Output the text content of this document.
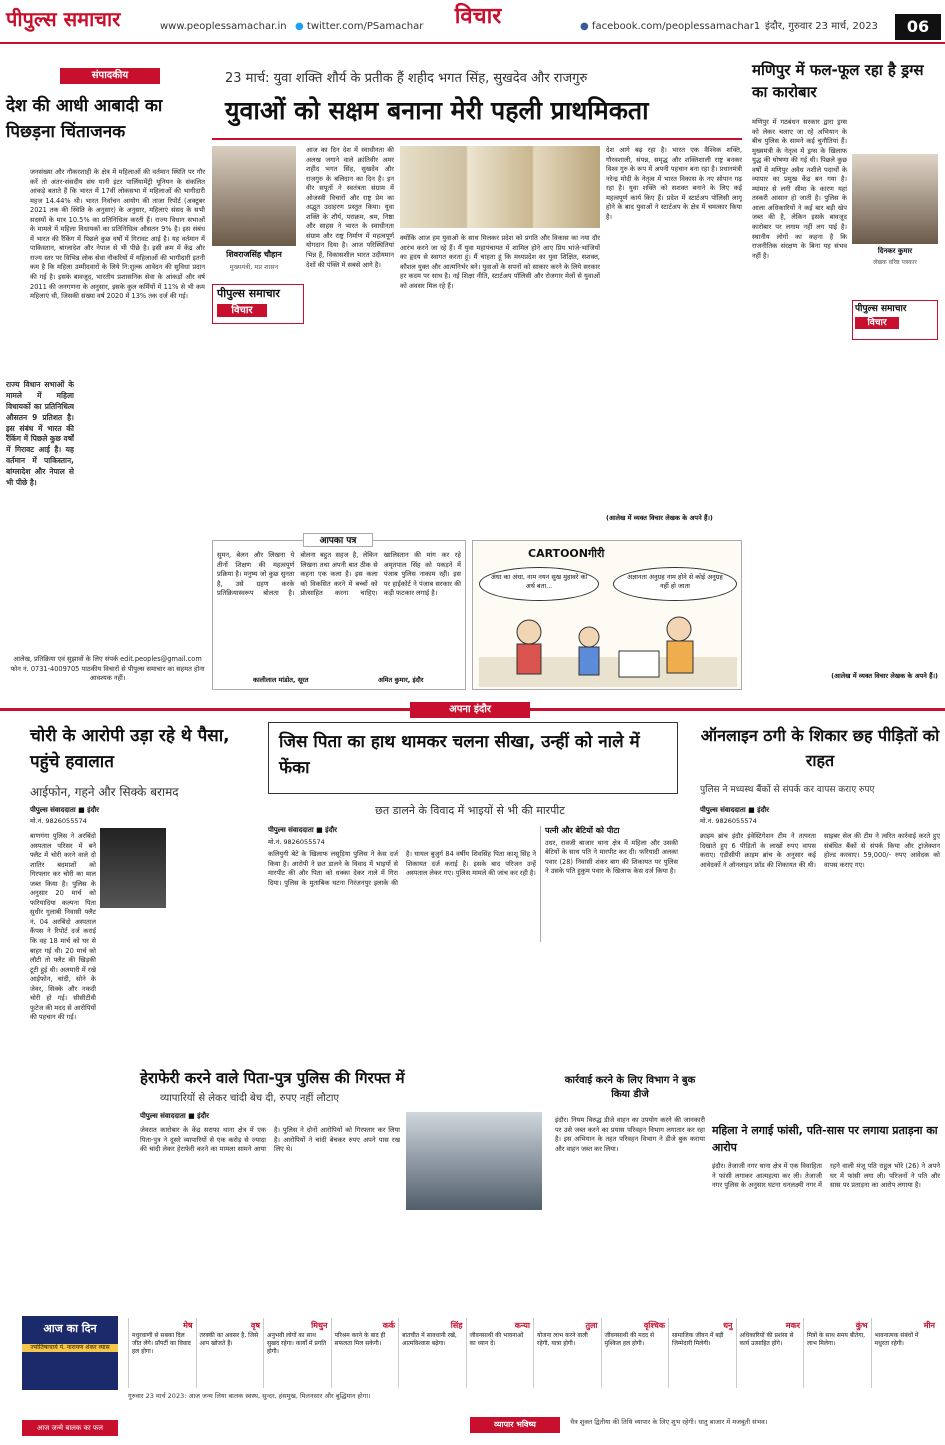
पीपुल्स समाचार	www.peoplessamachar.in ● twitter.com/PSamachar	विचार	● facebook.com/peoplessamachar1 इंदौर, गुरुवार 23 मार्च, 2023	06
संपादकीय
देश की आधी आबादी का पिछड़ना चिंताजनक
जनसंख्या और नौकरशाही के क्षेत्र में महिलाओं की वर्तमान स्थिति पर गौर करें तो अंतर-संसदीय संघ यानी इंटर पार्लियामेंट्री यूनियन के संकलित आंकड़े बताते हैं कि भारत में 17वीं लोकसभा में महिलाओं की भागीदारी महज 14.44% थी। भारत निर्वाचन आयोग की ताजा रिपोर्ट (अक्टूबर 2021 तक की स्थिति के अनुसार) के अनुसार, महिलाएं संसद के सभी सदस्यों के मात्र 10.5% का प्रतिनिधित्व करती हैं। राज्य विधान सभाओं के मामले में महिला विधायकों का प्रतिनिधित्व औसतन 9% है। इस संबंध में भारत की रैंकिंग में पिछले कुछ वर्षों में गिरावट आई है। यह वर्तमान में पाकिस्तान, बांग्लादेश और नेपाल से भी पीछे है। इसी क्रम में केंद्र और राज्य स्तर पर विभिन्न लोक सेवा नौकरियों में महिलाओं की भागीदारी इतनी कम है कि महिला उम्मीदवारों के लिये नि:शुल्क आवेदन की सुविधा प्रदान की गई है। इसके बावजूद, भारतीय प्रशासनिक सेवा के आंकड़ों और वर्ष 2011 की जनगणना के अनुसार, इसके कुल कर्मियों में 11% से भी कम महिलाएं थी, जिसकी संख्या वर्ष 2020 में 13% तक दर्ज की गई।
राज्य विधान सभाओं के मामले में महिला विधायकों का प्रतिनिधित्व औसतन 9 प्रतिशत है। इस संबंध में भारत की रैंकिंग में पिछले कुछ वर्षों में गिरावट आई है। यह वर्तमान में पाकिस्तान, बांग्लादेश और नेपाल से भी पीछे है।
आलेख, प्रतिक्रिया एवं सुझावों के लिए संपर्क edit.peoples@gmail.com फोन नं. 0731-4009705 पाठकीय विचारों से पीपुल्स समाचार का सहमत होना आवश्यक नहीं।
23 मार्च: युवा शक्ति शौर्य के प्रतीक हैं शहीद भगत सिंह, सुखदेव और राजगुरु
युवाओं को सक्षम बनाना मेरी पहली प्राथमिकता
शिवराजसिंह चौहान
मुख्यमंत्री, मप्र शासन
पीपुल्स समाचार
विचार
आज का दिन देश में स्वाधीनता की अलख जगाने वाले क्रांतिवीर अमर शहीद भगत सिंह, सुखदेव और राजगुरु के बलिदान का दिन है। इन वीर सपूतों ने स्वतंत्रता संग्राम में ओजस्वी विचारों और राष्ट्र प्रेम का अद्भुत उदाहरण प्रस्तुत किया। युवा शक्ति के शौर्य, पराक्रम, श्रम, निष्ठा और साहस ने भारत के स्वाधीनता संग्राम और राष्ट्र निर्माण में महत्वपूर्ण योगदान दिया है। आज परिस्थितियां भिन्न हैं, विकासशील भारत उदीयमान देशों की पंक्ति में सबसे आगे है।
क्योंकि आज हम युवाओं के साथ मिलकर प्रदेश को प्रगति और विकास का नया दौर आरंभ करने जा रहे हैं। मैं युवा महापंचायत में शामिल होने आए प्रिय भांजे-भांजियों का हृदय से स्वागत करता हूं। मैं चाहता हूं कि मध्यप्रदेश का युवा शिक्षित, सशक्त, कौशल युक्त और आत्मनिर्भर बने। युवाओं के सपनों को साकार करने के लिये सरकार हर कदम पर साथ है। नई शिक्षा नीति, स्टार्टअप पॉलिसी और रोजगार मेलों से युवाओं को अवसर मिल रहे हैं।
देश आगे बढ़ रहा है। भारत एक वैश्विक शक्ति, गौरवशाली, संपन्न, समृद्ध और शक्तिशाली राष्ट्र बनकर विश्व गुरु के रूप में अपनी पहचान बना रहा है। प्रधानमंत्री नरेन्द्र मोदी के नेतृत्व में भारत विकास के नए सोपान गढ़ रहा है। युवा शक्ति को सशक्त बनाने के लिए कई महत्वपूर्ण कार्य किए हैं। प्रदेश में स्टार्टअप पॉलिसी लागू होने के बाद युवाओं ने स्टार्टअप के क्षेत्र में चमत्कार किया है।
(आलेख में व्यक्त विचार लेखक के अपने हैं।)
आपका पत्र
सुमन, बेलन और लिखना ये तीनों शिक्षण की महत्वपूर्ण प्रक्रिया है। मनुष्य जो कुछ सुनता है, उसे ग्रहण करके प्रतिक्रियास्वरूप बोलता है। बोलना बहुत सहज है, लेकिन लिखना तथा अपनी बात ठीक से कहना एक कला है। इस कला को विकसित करने में बच्चों को प्रोत्साहित करना चाहिए। खालिस्तान की मांग कर रहे अमृतपाल सिंह को पकड़ने में पंजाब पुलिस नाकाम रही। इस पर हाईकोर्ट ने पंजाब सरकार की कड़ी फटकार लगाई है।
कालीलाल मांडोत, सूरत	अमित कुमार, इंदौर
CARTOONगीरी
अंधा का अंधा, नाम नयन सुख मुहावरे का अर्थ बता...
अज्ञानता अनुग्रह नाम होने से कोई अनुग्रह नहीं हो जाता
मणिपुर में फल-फूल रहा है ड्रग्स का कारोबार
दिनकर कुमार
लेखक वरिष्ठ पत्रकार
पीपुल्स समाचार
विचार
मणिपुर में गठबंधन सरकार द्वारा ड्रग्स को लेकर चलाए जा रहे अभियान के बीच पुलिस के सामने कई चुनौतियां हैं। मुख्यमंत्री के नेतृत्व में ड्रग्स के खिलाफ युद्ध की घोषणा की गई थी। पिछले कुछ वर्षों में मणिपुर अवैध नशीले पदार्थों के व्यापार का प्रमुख केंद्र बन गया है। म्यांमार से लगी सीमा के कारण यहां तस्करी आसान हो जाती है। पुलिस के आला अधिकारियों ने कई बार बड़ी खेप जब्त की है, लेकिन इसके बावजूद कारोबार पर लगाम नहीं लग पाई है। स्थानीय लोगों का कहना है कि राजनीतिक संरक्षण के बिना यह संभव नहीं है।
(आलेख में व्यक्त विचार लेखक के अपने हैं।)
अपना इंदौर
चोरी के आरोपी उड़ा रहे थे पैसा, पहुंचे हवालात
आईफोन, गहने और सिक्के बरामद
पीपुल्स संवाददाता ■ इंदौर
मो.नं. 9826055574
बाणगंगा पुलिस ने अरबिंदो अस्पताल परिसर में बने फ्लैट में चोरी करने वाले दो शातिर बदमाशों को गिरफ्तार कर चोरी का माल जब्त किया है। पुलिस के अनुसार 20 मार्च को फरियादिया कल्पना पिता सुधीर गुलाबी निवासी फ्लैट नं. 04 अरबिंदो अस्पताल कैंपस ने रिपोर्ट दर्ज कराई कि वह 18 मार्च को घर से बाहर गई थी। 20 मार्च को लौटी तो फ्लैट की खिड़की टूटी हुई थी। अलमारी में रखे आईफोन, चांदी, सोने के जेवर, सिक्के और नकदी चोरी हो गई। सीसीटीवी फुटेज की मदद से आरोपियों की पहचान की गई।
जिस पिता का हाथ थामकर चलना सीखा, उन्हीं को नाले में फेंका
छत डालने के विवाद में भाइयों से भी की मारपीट
पीपुल्स संवाददाता ■ इंदौर
मो.नं. 9826055574
कलियुगी बेटे के खिलाफ लसूड़िया पुलिस ने केस दर्ज किया है। आरोपी ने छत डालने के विवाद में भाइयों से मारपीट की और पिता को धक्का देकर नाले में गिरा दिया। पुलिस के मुताबिक घटना निरंजनपुर इलाके की है। घायल बुजुर्ग 84 वर्षीय शिवसिंह पिता काशू सिंह ने शिकायत दर्ज कराई है। इसके बाद परिजन उन्हें अस्पताल लेकर गए। पुलिस मामले की जांच कर रही है।
पत्नी और बेटियों को पीटा
उधर, रावजी बाजार थाना क्षेत्र में महिला और उसकी बेटियों के साथ पति ने मारपीट कर दी। फरियादी अलका पवार (28) निवासी शंकर बाग की शिकायत पर पुलिस ने उसके पति हुकुम पवार के खिलाफ केस दर्ज किया है।
ऑनलाइन ठगी के शिकार छह पीड़ितों को राहत
पुलिस ने मध्यस्थ बैंकों से संपर्क कर वापस कराए रुपए
पीपुल्स संवाददाता ■ इंदौर
मो.नं. 9826055574
क्राइम ब्रांच इंदौर इंवेस्टिगेशन टीम ने तत्परता दिखाते हुए 6 पीड़ितों के लाखों रुपए वापस कराए। एडीसीपी क्राइम ब्रांच के अनुसार कई आवेदकों ने ऑनलाइन फ्रॉड की शिकायत की थी। साइबर सेल की टीम ने त्वरित कार्रवाई करते हुए संबंधित बैंकों से संपर्क किया और ट्रांजेक्शन होल्ड करवाए। 59,000/- रुपए आवेदक को वापस कराए गए।
हेराफेरी करने वाले पिता-पुत्र पुलिस की गिरफ्त में
व्यापारियों से लेकर चांदी बेच दी, रुपए नहीं लौटाए
पीपुल्स संवाददाता ■ इंदौर
जेवरात कारोबार के केंद्र सराफा थाना क्षेत्र में एक पिता-पुत्र ने दूसरे व्यापारियों से एक करोड़ से ज्यादा की चांदी लेकर हेराफेरी करने का मामला सामने आया है। पुलिस ने दोनों आरोपियों को गिरफ्तार कर लिया है। आरोपियों ने चांदी बेचकर रुपए अपने पास रख लिए थे।
कार्रवाई करने के लिए विभाग ने बुक किया डीजे
इंदौर। नियम विरुद्ध डीजे वाहन का उपयोग करने की जानकारी पर उसे जब्त करने का प्रयास परिवहन विभाग लगातार कर रहा है। इस अभियान के तहत परिवहन विभाग ने डीजे बुक कराया और वाहन जब्त कर लिया।
महिला ने लगाई फांसी, पति-सास पर लगाया प्रताड़ना का आरोप
इंदौर। तेजाजी नगर थाना क्षेत्र में एक विवाहिता ने फांसी लगाकर आत्महत्या कर ली। तेजाजी नगर पुलिस के अनुसार घटना धनलक्ष्मी नगर में रहने वाली मंजू पति राहुल भोरे (26) ने अपने घर में फांसी लगा ली। परिजनों ने पति और सास पर प्रताड़ना का आरोप लगाया है।
आज का दिन
ज्योतिषाचार्य पं. नारायण शंकर व्यास
आज जन्मे बालक का फल
मेष
मधुरवाणी से सबका दिल जीत लेंगे। प्रॉपर्टी का विवाद हल होगा।
वृष
तरक्की का अवसर है, जिसे आप खोजते हैं।
मिथुन
अनुभवी लोगों का साथ सुखद रहेगा। कार्यों में प्रगति होगी।
कर्क
परिश्रम करने के बाद ही सफलता मिल सकेगी।
सिंह
बातचीत में सावधानी रखें, आत्मविश्वास बढ़ेगा।
कन्या
जीवनसाथी की भावनाओं का ध्यान दें।
तुला
योजना लाभ करने वाली रहेगी, यात्रा होगी।
वृश्चिक
जीवनसाथी की मदद से मुश्किल हल होगी।
धनु
सामाजिक जीवन में बड़ी जिम्मेदारी मिलेगी।
मकर
अधिकारियों की प्रशंसा से कार्य उत्साहित होंगे।
कुंभ
मित्रों के साथ समय बीतेगा, लाभ मिलेगा।
मीन
भावनात्मक संबंधों में मधुरता रहेगी।
गुरुवार 23 मार्च 2023: आज जन्म लिया बालक स्वस्थ, सुन्दर, हंसमुख, मिलनसार और बुद्धिमान होगा।
व्यापार भविष्य	चैत्र शुक्ल द्वितीया की तिथि व्यापार के लिए शुभ रहेगी। धातु बाजार में मजबूती संभव।
